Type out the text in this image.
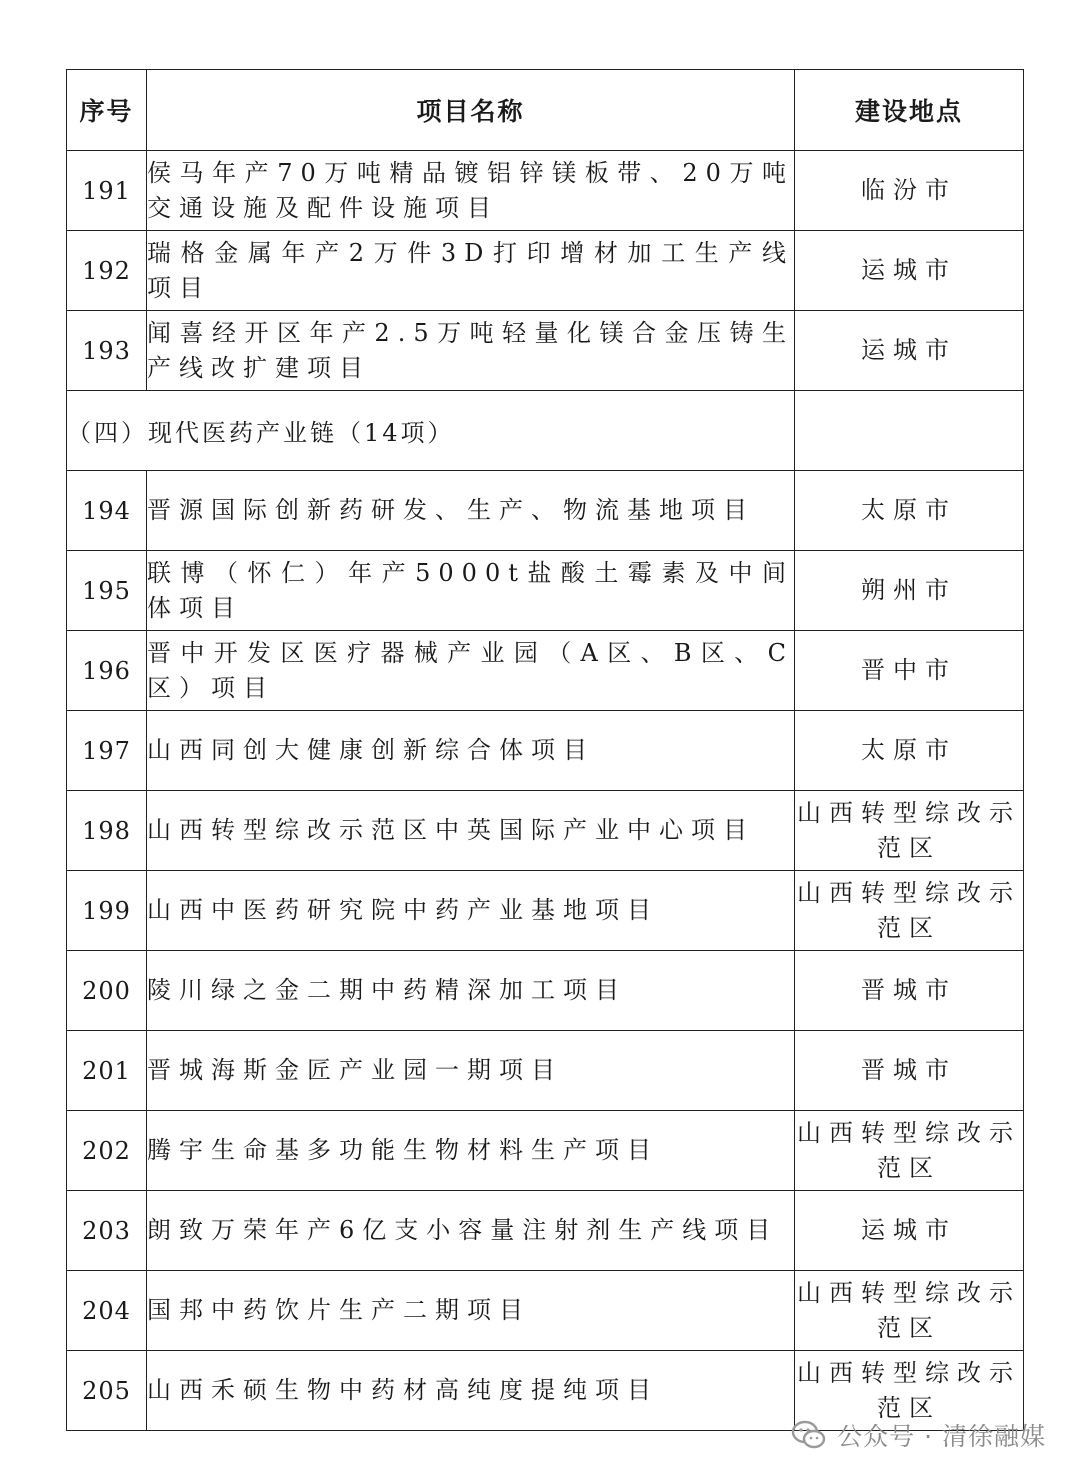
序号	项目名称	建设地点
191	侯马年产70万吨精品镀铝锌镁板带、20万吨交通设施及配件设施项目	临汾市
192	瑞格金属年产2万件3D打印增材加工生产线项目	运城市
193	闻喜经开区年产2.5万吨轻量化镁合金压铸生产线改扩建项目	运城市
（四）现代医药产业链（14项）		
194	晋源国际创新药研发、生产、物流基地项目	太原市
195	联博（怀仁）年产5000t盐酸土霉素及中间体项目	朔州市
196	晋中开发区医疗器械产业园（A区、B区、C区）项目	晋中市
197	山西同创大健康创新综合体项目	太原市
198	山西转型综改示范区中英国际产业中心项目	山西转型综改示范区
199	山西中医药研究院中药产业基地项目	山西转型综改示范区
200	陵川绿之金二期中药精深加工项目	晋城市
201	晋城海斯金匠产业园一期项目	晋城市
202	腾宇生命基多功能生物材料生产项目	山西转型综改示范区
203	朗致万荣年产6亿支小容量注射剂生产线项目	运城市
204	国邦中药饮片生产二期项目	山西转型综改示范区
205	山西禾硕生物中药材高纯度提纯项目	山西转型综改示范区
公众号 · 清徐融媒
